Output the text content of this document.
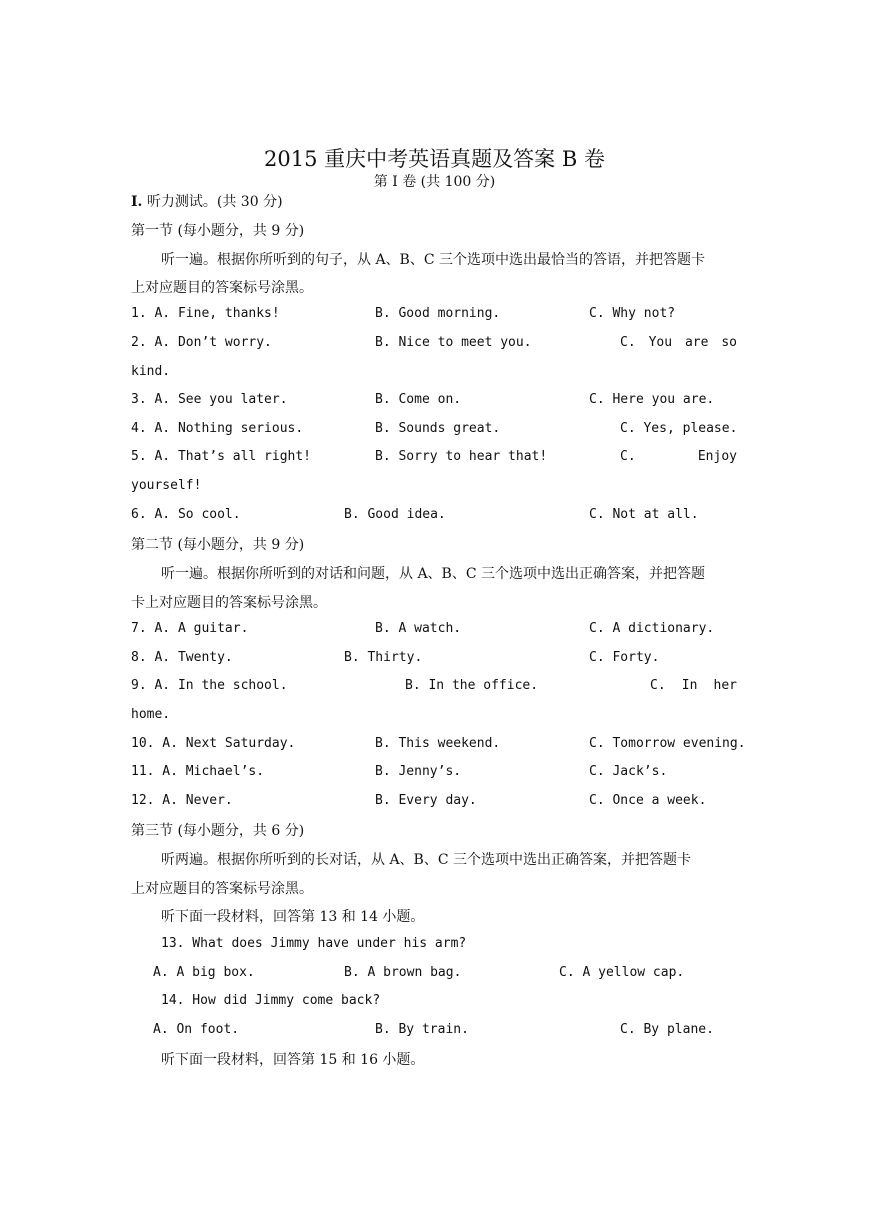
2015 重庆中考英语真题及答案 B 卷
第 I 卷 (共 100 分)
I. 听力测试。(共 30 分)
第一节 (每小题分，共 9 分)
听一遍。根据你所听到的句子，从 A、B、C 三个选项中选出最恰当的答语，并把答题卡
上对应题目的答案标号涂黑。
1. A. Fine, thanks!	B. Good morning.	C. Why not?
2. A. Don’t worry.	B. Nice to meet you.	C. You are so
kind.
3. A. See you later.	B. Come on.	C. Here you are.
4. A. Nothing serious.	B. Sounds great.	C. Yes, please.
5. A. That’s all right!	B. Sorry to hear that!	C.	Enjoy
yourself!
6. A. So cool.	B. Good idea.	C. Not at all.
第二节 (每小题分，共 9 分)
听一遍。根据你所听到的对话和问题，从 A、B、C 三个选项中选出正确答案，并把答题
卡上对应题目的答案标号涂黑。
7. A. A guitar.	B. A watch.	C. A dictionary.
8. A. Twenty.	B. Thirty.	C. Forty.
9. A. In the school.	B. In the office.	C. In her
home.
10. A. Next Saturday.	B. This weekend.	C. Tomorrow evening.
11. A. Michael’s.	B. Jenny’s.	C. Jack’s.
12. A. Never.	B. Every day.	C. Once a week.
第三节 (每小题分，共 6 分)
听两遍。根据你所听到的长对话，从 A、B、C 三个选项中选出正确答案，并把答题卡
上对应题目的答案标号涂黑。
听下面一段材料，回答第 13 和 14 小题。
13. What does Jimmy have under his arm?
A. A big box.	B. A brown bag.	C. A yellow cap.
14. How did Jimmy come back?
A. On foot.	B. By train.	C. By plane.
听下面一段材料，回答第 15 和 16 小题。
